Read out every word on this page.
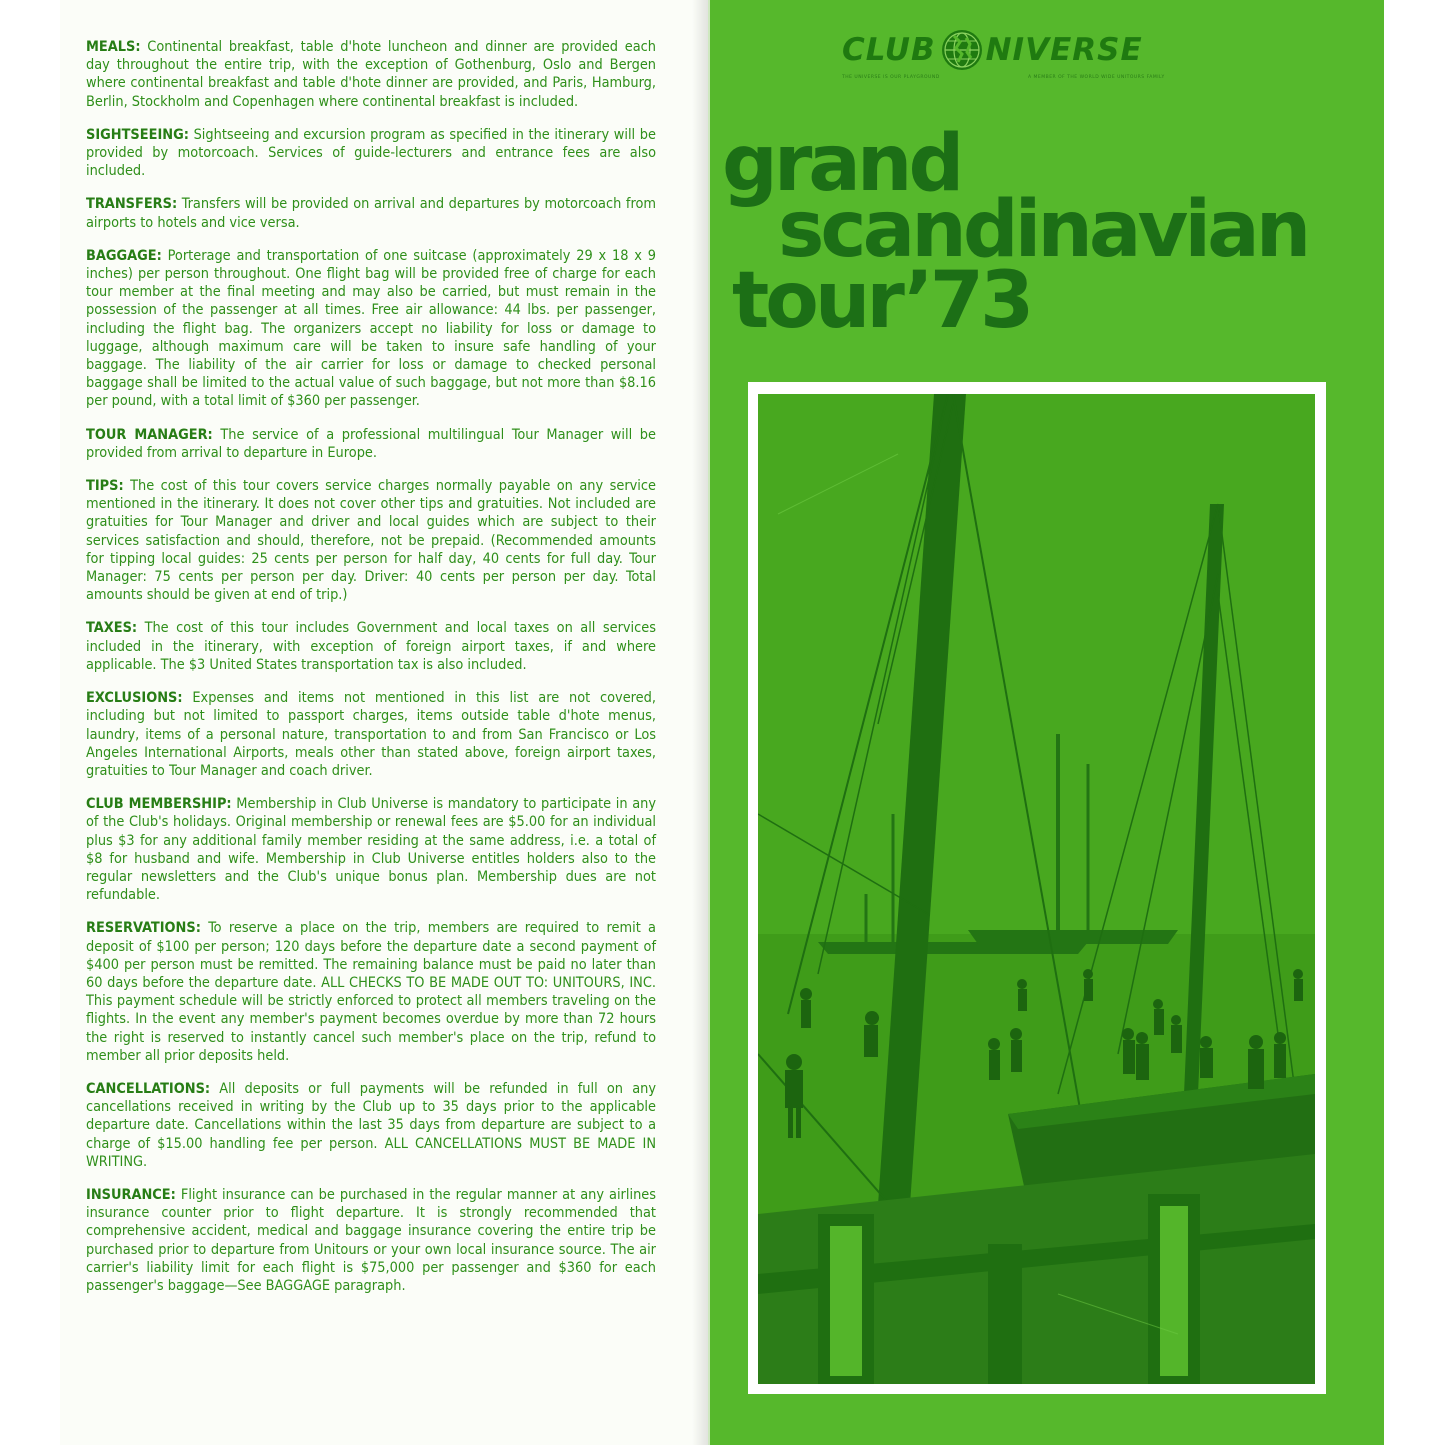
MEALS: Continental breakfast, table d'hote luncheon and dinner are provided each day throughout the entire trip, with the exception of Gothenburg, Oslo and Bergen where continental breakfast and table d'hote dinner are provided, and Paris, Hamburg, Berlin, Stockholm and Copenhagen where continental breakfast is included.

SIGHTSEEING: Sightseeing and excursion program as specified in the itinerary will be provided by motorcoach. Services of guide-lecturers and entrance fees are also included.

TRANSFERS: Transfers will be provided on arrival and departures by motorcoach from airports to hotels and vice versa.

BAGGAGE: Porterage and transportation of one suitcase (approximately 29 x 18 x 9 inches) per person throughout. One flight bag will be provided free of charge for each tour member at the final meeting and may also be carried, but must remain in the possession of the passenger at all times. Free air allowance: 44 lbs. per passenger, including the flight bag. The organizers accept no liability for loss or damage to luggage, although maximum care will be taken to insure safe handling of your baggage. The liability of the air carrier for loss or damage to checked personal baggage shall be limited to the actual value of such baggage, but not more than $8.16 per pound, with a total limit of $360 per passenger.

TOUR MANAGER: The service of a professional multilingual Tour Manager will be provided from arrival to departure in Europe.

TIPS: The cost of this tour covers service charges normally payable on any service mentioned in the itinerary. It does not cover other tips and gratuities. Not included are gratuities for Tour Manager and driver and local guides which are subject to their services satisfaction and should, therefore, not be prepaid. (Recommended amounts for tipping local guides: 25 cents per person for half day, 40 cents for full day. Tour Manager: 75 cents per person per day. Driver: 40 cents per person per day. Total amounts should be given at end of trip.)

TAXES: The cost of this tour includes Government and local taxes on all services included in the itinerary, with exception of foreign airport taxes, if and where applicable. The $3 United States transportation tax is also included.

EXCLUSIONS: Expenses and items not mentioned in this list are not covered, including but not limited to passport charges, items outside table d'hote menus, laundry, items of a personal nature, transportation to and from San Francisco or Los Angeles International Airports, meals other than stated above, foreign airport taxes, gratuities to Tour Manager and coach driver.

CLUB MEMBERSHIP: Membership in Club Universe is mandatory to participate in any of the Club's holidays. Original membership or renewal fees are $5.00 for an individual plus $3 for any additional family member residing at the same address, i.e. a total of $8 for husband and wife. Membership in Club Universe entitles holders also to the regular newsletters and the Club's unique bonus plan. Membership dues are not refundable.

RESERVATIONS: To reserve a place on the trip, members are required to remit a deposit of $100 per person; 120 days before the departure date a second payment of $400 per person must be remitted. The remaining balance must be paid no later than 60 days before the departure date. ALL CHECKS TO BE MADE OUT TO: UNITOURS, INC. This payment schedule will be strictly enforced to protect all members traveling on the flights. In the event any member's payment becomes overdue by more than 72 hours the right is reserved to instantly cancel such member's place on the trip, refund to member all prior deposits held.

CANCELLATIONS: All deposits or full payments will be refunded in full on any cancellations received in writing by the Club up to 35 days prior to the applicable departure date. Cancellations within the last 35 days from departure are subject to a charge of $15.00 handling fee per person. ALL CANCELLATIONS MUST BE MADE IN WRITING.

INSURANCE: Flight insurance can be purchased in the regular manner at any airlines insurance counter prior to flight departure. It is strongly recommended that comprehensive accident, medical and baggage insurance covering the entire trip be purchased prior to departure from Unitours or your own local insurance source. The air carrier's liability limit for each flight is $75,000 per passenger and $360 for each passenger's baggage—See BAGGAGE paragraph.

CLUB NIVERSE
THE UNIVERSE IS OUR PLAYGROUND	A MEMBER OF THE WORLD WIDE UNITOURS FAMILY
grand
scandinavian
tour’73
